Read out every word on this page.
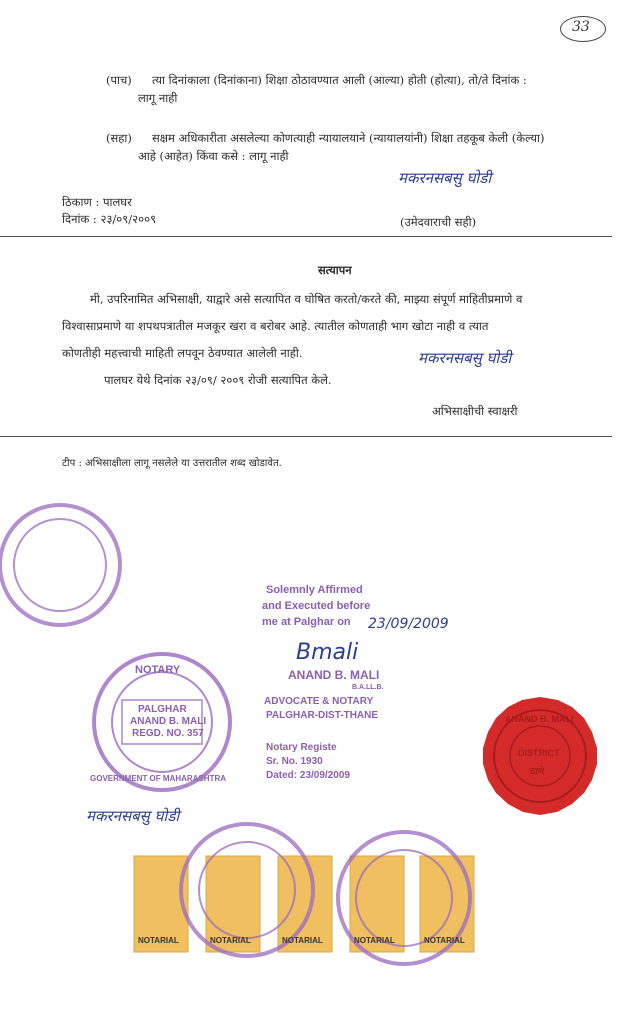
33
(पाच) त्या दिनांकाला (दिनांकाना) शिक्षा ठोठावण्यात आली (आल्या) होती (होत्या), तो/ते दिनांक :
लागू नाही
(सहा) सक्षम अधिकारीता असलेल्या कोणत्याही न्यायालयाने (न्यायालयांनी) शिक्षा तहकूब केली (केल्या)
आहे (आहेत) किंवा कसे : लागू नाही
मकरनसबसु घोडी
ठिकाण : पालघर
दिनांक : २३/०९/२००९	(उमेदवाराची सही)
सत्यापन
मी, उपरिनामित अभिसाक्षी, याद्वारे असे सत्यापित व घोषित करतो/करते की, माझ्या संपूर्ण माहितीप्रमाणे व
विश्वासाप्रमाणे या शपथपत्रातील मजकूर खरा व बरोबर आहे. त्यातील कोणताही भाग खोटा नाही व त्यात
कोणतीही महत्त्वाची माहिती लपवून ठेवण्यात आलेली नाही.	मकरनसबसु घोडी
पालघर येथे दिनांक २३/०९/ २००९ रोजी सत्यापित केले.
अभिसाक्षीची स्वाक्षरी
टीप : अभिसाक्षीला लागू नसलेले या उत्तरातील शब्द खोडावेत.
NOTARY
PALGHAR
ANAND B. MALI
REGD. NO. 357
GOVERNMENT OF MAHARASHTRA
Solemnly Affirmed
and Executed before
me at Palghar on 23/09/2009
Bmali
ANAND B. MALI
B.A.LL.B.
ADVOCATE & NOTARY
PALGHAR-DIST-THANE
Notary Registe
Sr. No. 1930
Dated: 23/09/2009
ANAND B. MALI
DISTRICT
ठाणे
मकरनसबसु घोडी
NOTARIAL	NOTARIAL	NOTARIAL	NOTARIAL	NOTARIAL
